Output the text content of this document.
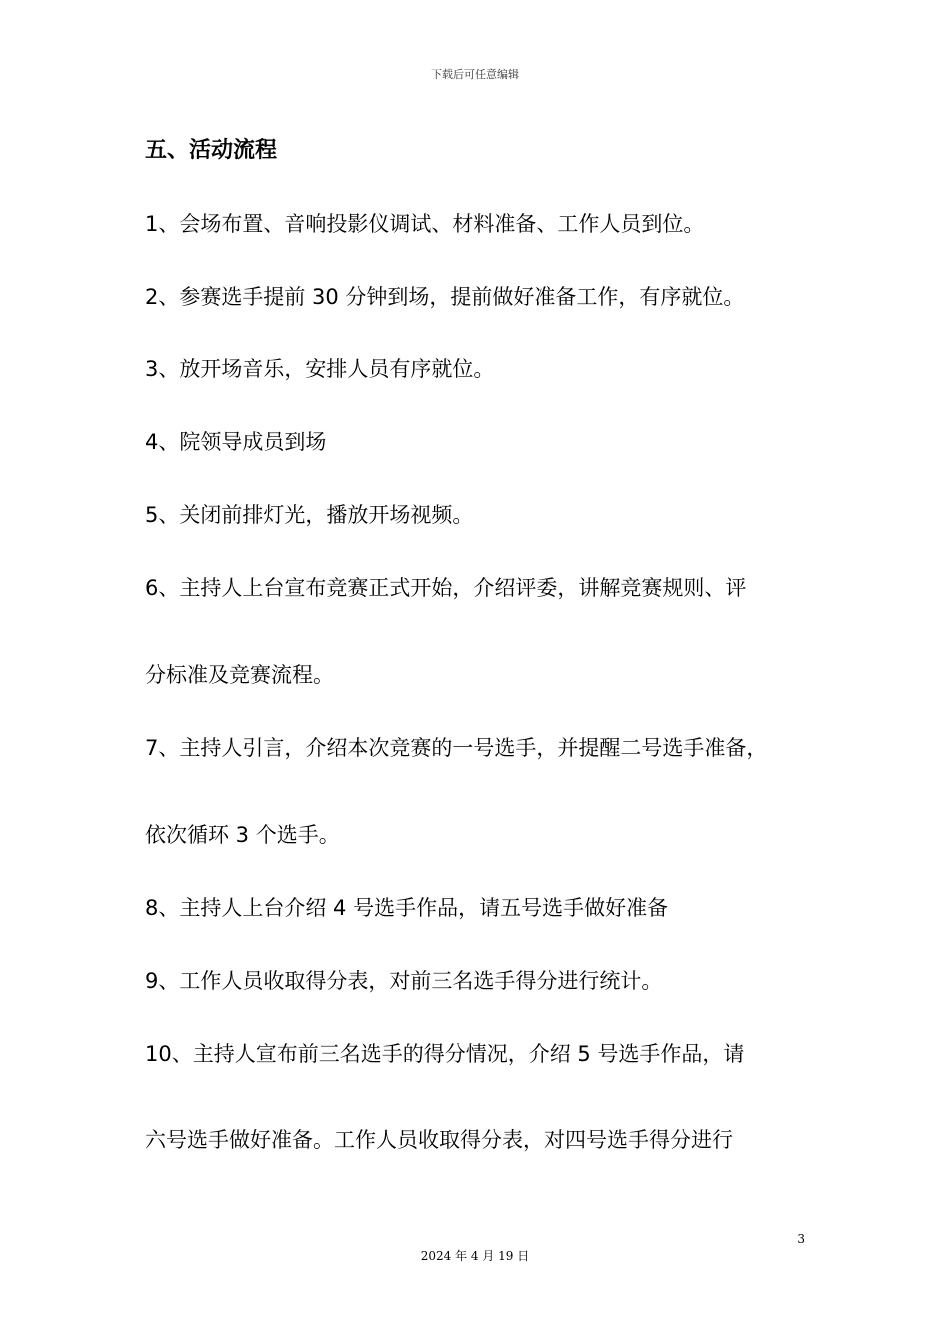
下载后可任意编辑
五、活动流程
1、会场布置、音响投影仪调试、材料准备、工作人员到位。
2、参赛选手提前 30 分钟到场，提前做好准备工作，有序就位。
3、放开场音乐，安排人员有序就位。
4、院领导成员到场
5、关闭前排灯光，播放开场视频。
6、主持人上台宣布竞赛正式开始，介绍评委，讲解竞赛规则、评
分标准及竞赛流程。
7、主持人引言，介绍本次竞赛的一号选手，并提醒二号选手准备，
依次循环 3 个选手。
8、主持人上台介绍 4 号选手作品，请五号选手做好准备
9、工作人员收取得分表，对前三名选手得分进行统计。
10、主持人宣布前三名选手的得分情况，介绍 5 号选手作品，请
六号选手做好准备。工作人员收取得分表，对四号选手得分进行
3
2024 年 4 月 19 日
